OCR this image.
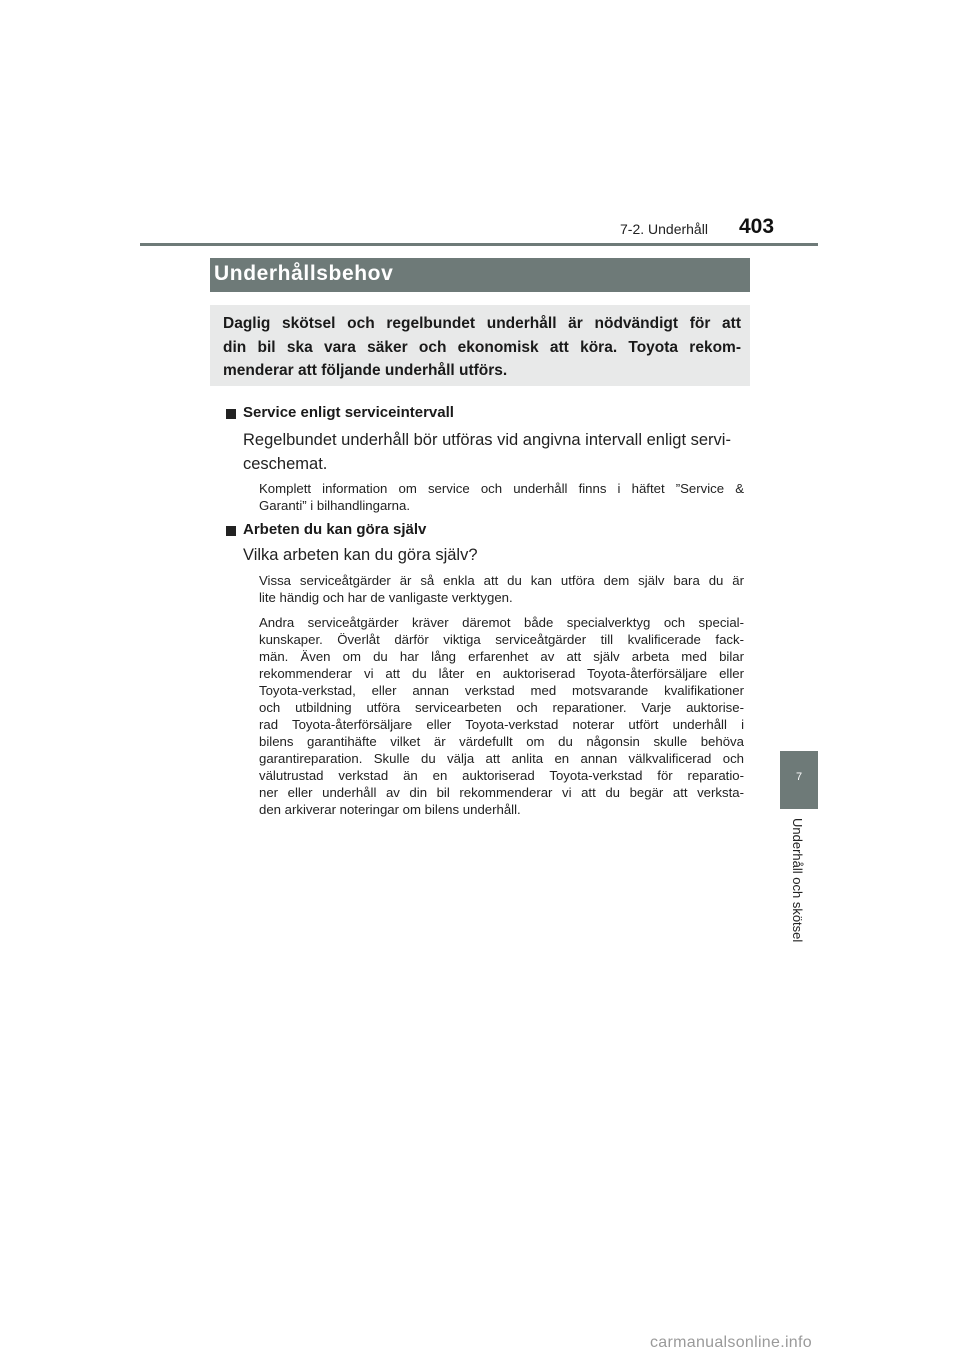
7-2. Underhåll 403
Underhållsbehov
Daglig skötsel och regelbundet underhåll är nödvändigt för att
din bil ska vara säker och ekonomisk att köra. Toyota rekom-
menderar att följande underhåll utförs.
Service enligt serviceintervall
Regelbundet underhåll bör utföras vid angivna intervall enligt servi-
ceschemat.
Komplett information om service och underhåll finns i häftet ”Service &
Garanti” i bilhandlingarna.
Arbeten du kan göra själv
Vilka arbeten kan du göra själv?
Vissa serviceåtgärder är så enkla att du kan utföra dem själv bara du är
lite händig och har de vanligaste verktygen.
Andra serviceåtgärder kräver däremot både specialverktyg och special-
kunskaper. Överlåt därför viktiga serviceåtgärder till kvalificerade fack-
män. Även om du har lång erfarenhet av att själv arbeta med bilar
rekommenderar vi att du låter en auktoriserad Toyota-återförsäljare eller
Toyota-verkstad, eller annan verkstad med motsvarande kvalifikationer
och utbildning utföra servicearbeten och reparationer. Varje auktorise-
rad Toyota-återförsäljare eller Toyota-verkstad noterar utfört underhåll i
bilens garantihäfte vilket är värdefullt om du någonsin skulle behöva
garantireparation. Skulle du välja att anlita en annan välkvalificerad och
välutrustad verkstad än en auktoriserad Toyota-verkstad för reparatio-
ner eller underhåll av din bil rekommenderar vi att du begär att verksta-
den arkiverar noteringar om bilens underhåll.
7
Underhåll och skötsel
carmanualsonline.info
